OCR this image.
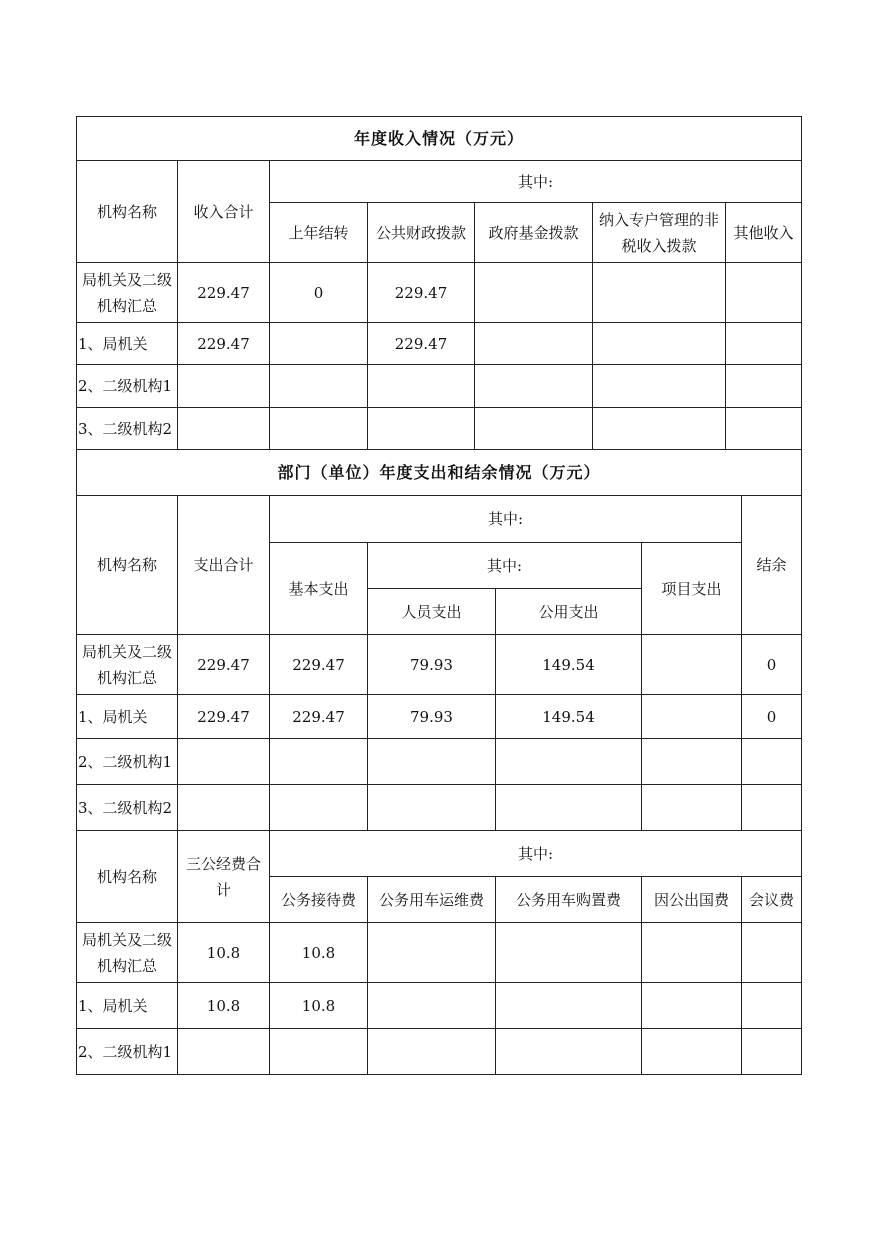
年度收入情况（万元）						
机构名称	收入合计	其中:				
		上年结转	公共财政拨款	政府基金拨款	纳入专户管理的非税收入拨款	其他收入
局机关及二级机构汇总	229.47	0	229.47			
1、局机关	229.47		229.47			
2、二级机构1						
3、二级机构2						
部门（单位）年度支出和结余情况（万元）						
机构名称	支出合计	其中:				结余
		基本支出	其中:		项目支出	
			人员支出	公用支出		
局机关及二级机构汇总	229.47	229.47	79.93	149.54		0
1、局机关	229.47	229.47	79.93	149.54		0
2、二级机构1						
3、二级机构2						
机构名称	三公经费合计	其中:				
		公务接待费	公务用车运维费	公务用车购置费	因公出国费	会议费
局机关及二级机构汇总	10.8	10.8				
1、局机关	10.8	10.8				
2、二级机构1						
